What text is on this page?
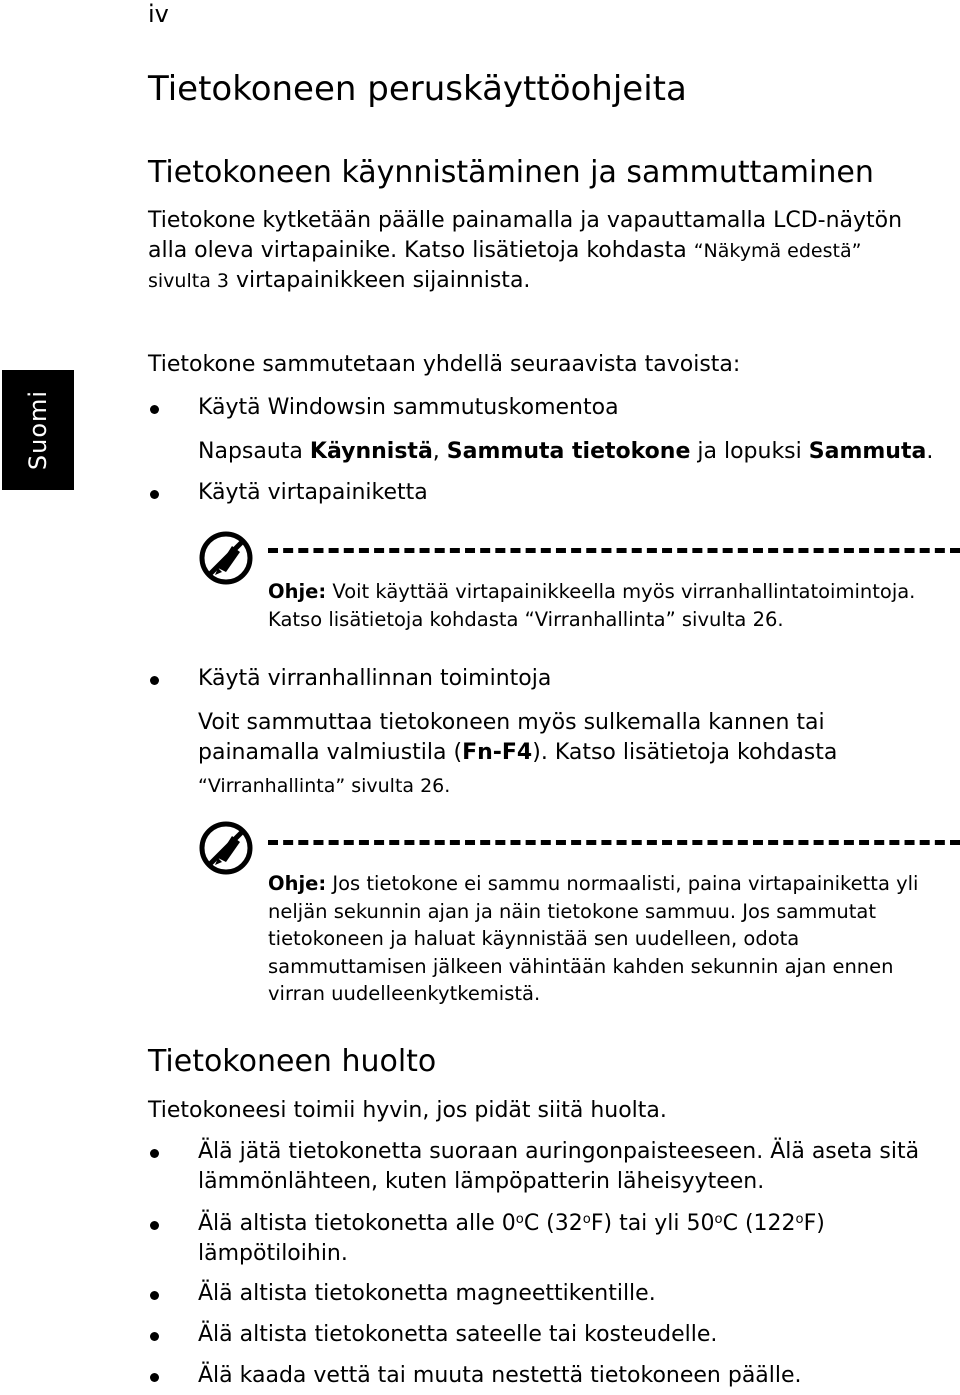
iv
Suomi
Tietokoneen peruskäyttöohjeita
Tietokoneen käynnistäminen ja sammuttaminen
Tietokone kytketään päälle painamalla ja vapauttamalla LCD-näytön
alla oleva virtapainike. Katso lisätietoja kohdasta “Näkymä edestä”
sivulta 3 virtapainikkeen sijainnista.
Tietokone sammutetaan yhdellä seuraavista tavoista:
Käytä Windowsin sammutuskomentoa
Napsauta Käynnistä, Sammuta tietokone ja lopuksi Sammuta.
Käytä virtapainiketta
Ohje: Voit käyttää virtapainikkeella myös virranhallintatoimintoja.
Katso lisätietoja kohdasta “Virranhallinta” sivulta 26.
Käytä virranhallinnan toimintoja
Voit sammuttaa tietokoneen myös sulkemalla kannen tai
painamalla valmiustila (Fn-F4). Katso lisätietoja kohdasta
“Virranhallinta” sivulta 26.
Ohje: Jos tietokone ei sammu normaalisti, paina virtapainiketta yli
neljän sekunnin ajan ja näin tietokone sammuu. Jos sammutat
tietokoneen ja haluat käynnistää sen uudelleen, odota
sammuttamisen jälkeen vähintään kahden sekunnin ajan ennen
virran uudelleenkytkemistä.
Tietokoneen huolto
Tietokoneesi toimii hyvin, jos pidät siitä huolta.
Älä jätä tietokonetta suoraan auringonpaisteeseen. Älä aseta sitä
lämmönlähteen, kuten lämpöpatterin läheisyyteen.
Älä altista tietokonetta alle 0$^o$C (32$^o$F) tai yli 50$^o$C (122$^o$F)
lämpötiloihin.
Älä altista tietokonetta magneettikentille.
Älä altista tietokonetta sateelle tai kosteudelle.
Älä kaada vettä tai muuta nestettä tietokoneen päälle.
